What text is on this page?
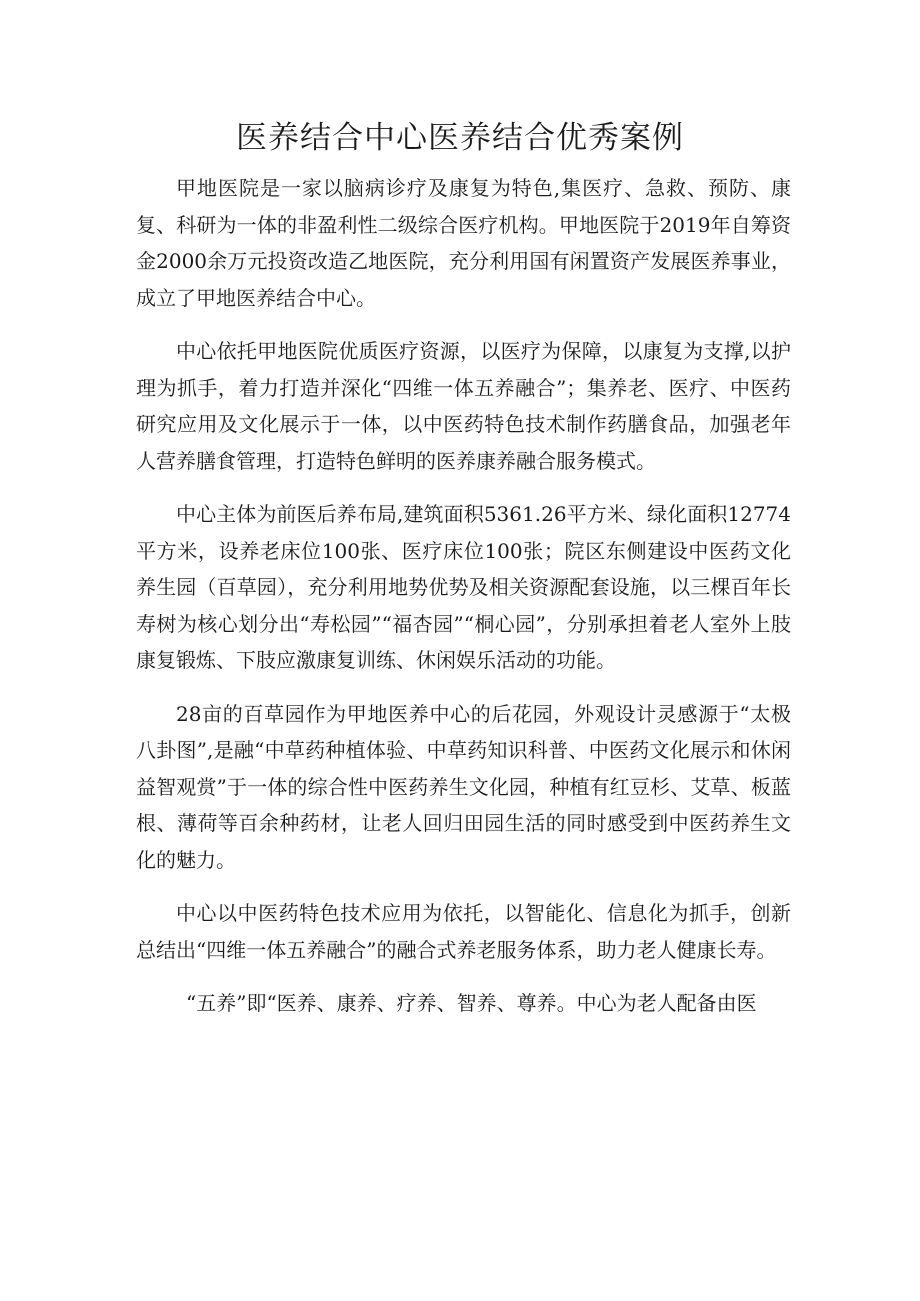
医养结合中心医养结合优秀案例

甲地医院是一家以脑病诊疗及康复为特色,集医疗、急救、预防、康复、科研为一体的非盈利性二级综合医疗机构。甲地医院于2019年自筹资金2000余万元投资改造乙地医院，充分利用国有闲置资产发展医养事业，成立了甲地医养结合中心。

中心依托甲地医院优质医疗资源，以医疗为保障，以康复为支撑,以护理为抓手，着力打造并深化“四维一体五养融合”；集养老、医疗、中医药研究应用及文化展示于一体，以中医药特色技术制作药膳食品，加强老年人营养膳食管理，打造特色鲜明的医养康养融合服务模式。

中心主体为前医后养布局,建筑面积5361.26平方米、绿化面积12774平方米，设养老床位100张、医疗床位100张；院区东侧建设中医药文化养生园（百草园），充分利用地势优势及相关资源配套设施，以三棵百年长寿树为核心划分出“寿松园”“福杏园”“桐心园”，分别承担着老人室外上肢康复锻炼、下肢应激康复训练、休闲娱乐活动的功能。

28亩的百草园作为甲地医养中心的后花园，外观设计灵感源于“太极八卦图”,是融“中草药种植体验、中草药知识科普、中医药文化展示和休闲益智观赏”于一体的综合性中医药养生文化园，种植有红豆杉、艾草、板蓝根、薄荷等百余种药材，让老人回归田园生活的同时感受到中医药养生文化的魅力。

中心以中医药特色技术应用为依托，以智能化、信息化为抓手，创新总结出“四维一体五养融合”的融合式养老服务体系，助力老人健康长寿。

“五养”即“医养、康养、疗养、智养、尊养。中心为老人配备由医
